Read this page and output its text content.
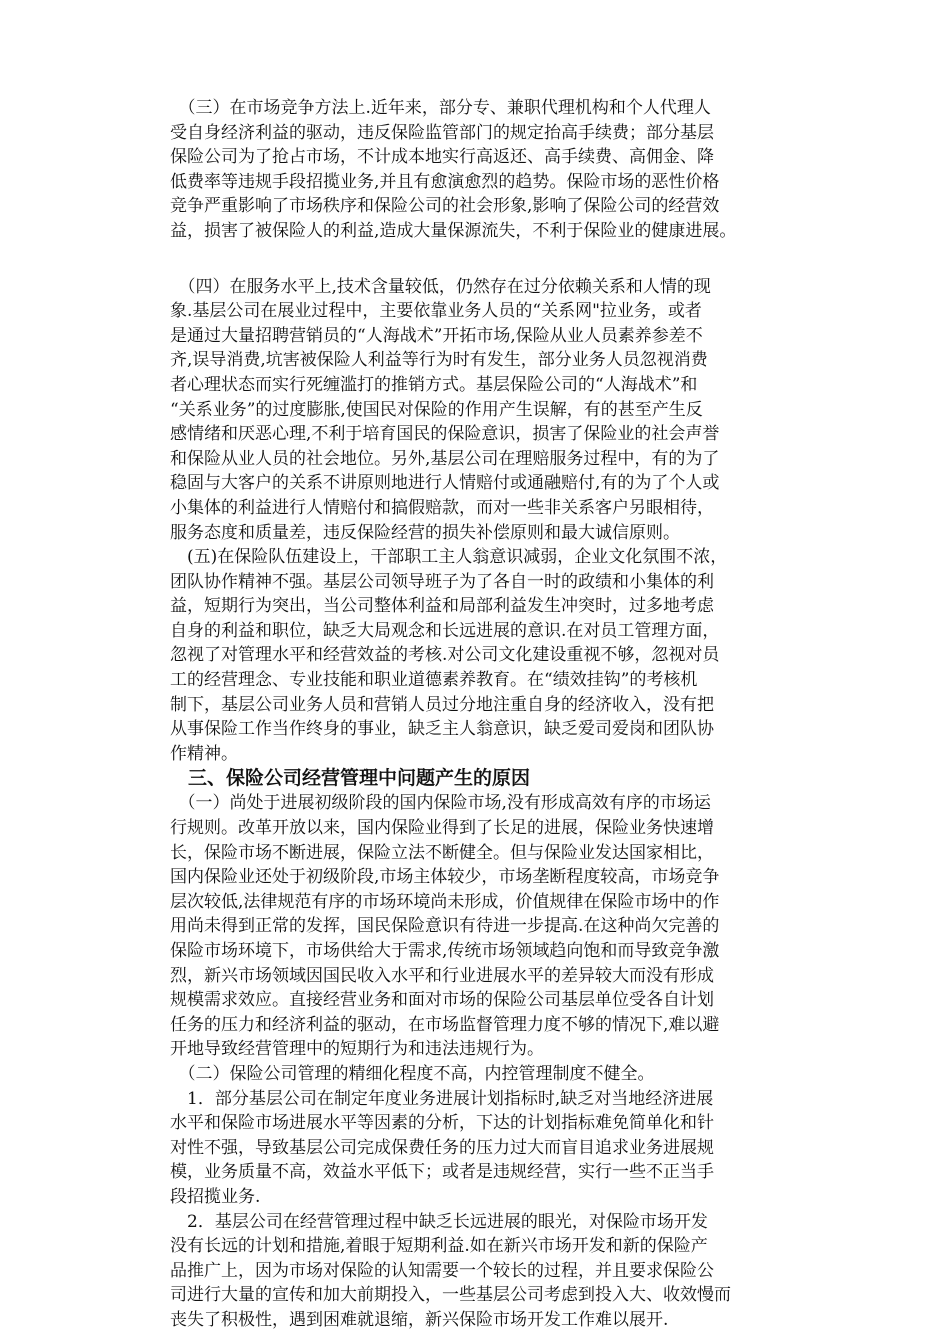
　（三）在市场竞争方法上.近年来，部分专、兼职代理机构和个人代理人
受自身经济利益的驱动，违反保险监管部门的规定抬高手续费；部分基层
保险公司为了抢占市场，不计成本地实行高返还、高手续费、高佣金、降
低费率等违规手段招揽业务,并且有愈演愈烈的趋势。保险市场的恶性价格
竞争严重影响了市场秩序和保险公司的社会形象,影响了保险公司的经营效
益，损害了被保险人的利益,造成大量保源流失，不利于保险业的健康进展。

　（四）在服务水平上,技术含量较低，仍然存在过分依赖关系和人情的现
象.基层公司在展业过程中，主要依靠业务人员的“关系网"拉业务，或者
是通过大量招聘营销员的“人海战术”开拓市场,保险从业人员素养参差不
齐,误导消费,坑害被保险人利益等行为时有发生，部分业务人员忽视消费
者心理状态而实行死缠滥打的推销方式。基层保险公司的“人海战术”和
“关系业务”的过度膨胀,使国民对保险的作用产生误解，有的甚至产生反
感情绪和厌恶心理,不利于培育国民的保险意识，损害了保险业的社会声誉
和保险从业人员的社会地位。另外,基层公司在理赔服务过程中，有的为了
稳固与大客户的关系不讲原则地进行人情赔付或通融赔付,有的为了个人或
小集体的利益进行人情赔付和搞假赔款，而对一些非关系客户另眼相待，
服务态度和质量差，违反保险经营的损失补偿原则和最大诚信原则。

　(五)在保险队伍建设上，干部职工主人翁意识减弱，企业文化氛围不浓，
团队协作精神不强。基层公司领导班子为了各自一时的政绩和小集体的利
益，短期行为突出，当公司整体利益和局部利益发生冲突时，过多地考虑
自身的利益和职位，缺乏大局观念和长远进展的意识.在对员工管理方面，
忽视了对管理水平和经营效益的考核.对公司文化建设重视不够，忽视对员
工的经营理念、专业技能和职业道德素养教育。在“绩效挂钩”的考核机
制下，基层公司业务人员和营销人员过分地注重自身的经济收入，没有把
从事保险工作当作终身的事业，缺乏主人翁意识，缺乏爱司爱岗和团队协
作精神。

三、保险公司经营管理中问题产生的原因

　（一）尚处于进展初级阶段的国内保险市场,没有形成高效有序的市场运
行规则。改革开放以来，国内保险业得到了长足的进展，保险业务快速增
长，保险市场不断进展，保险立法不断健全。但与保险业发达国家相比，
国内保险业还处于初级阶段,市场主体较少，市场垄断程度较高，市场竞争
层次较低,法律规范有序的市场环境尚未形成，价值规律在保险市场中的作
用尚未得到正常的发挥，国民保险意识有待进一步提高.在这种尚欠完善的
保险市场环境下，市场供给大于需求,传统市场领域趋向饱和而导致竞争激
烈，新兴市场领域因国民收入水平和行业进展水平的差异较大而没有形成
规模需求效应。直接经营业务和面对市场的保险公司基层单位受各自计划
任务的压力和经济利益的驱动，在市场监督管理力度不够的情况下,难以避
开地导致经营管理中的短期行为和违法违规行为。

　（二）保险公司管理的精细化程度不高，内控管理制度不健全。

　1．部分基层公司在制定年度业务进展计划指标时,缺乏对当地经济进展
水平和保险市场进展水平等因素的分析，下达的计划指标难免简单化和针
对性不强，导致基层公司完成保费任务的压力过大而盲目追求业务进展规
模，业务质量不高，效益水平低下；或者是违规经营，实行一些不正当手
段招揽业务.

　2．基层公司在经营管理过程中缺乏长远进展的眼光，对保险市场开发
没有长远的计划和措施,着眼于短期利益.如在新兴市场开发和新的保险产
品推广上，因为市场对保险的认知需要一个较长的过程，并且要求保险公
司进行大量的宣传和加大前期投入，一些基层公司考虑到投入大、收效慢而
丧失了积极性，遇到困难就退缩，新兴保险市场开发工作难以展开.
